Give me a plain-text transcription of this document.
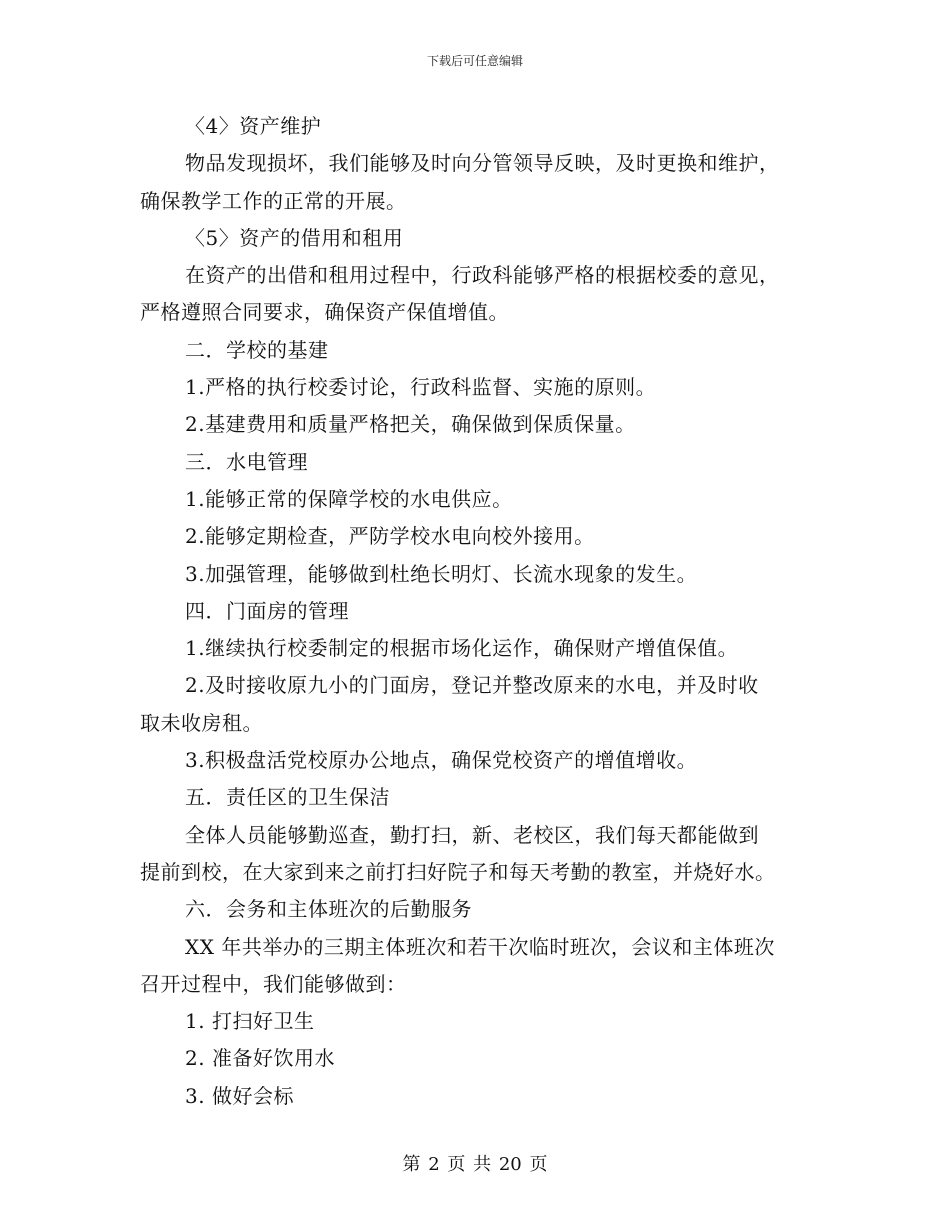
下载后可任意编辑
〈4〉资产维护
物品发现损坏，我们能够及时向分管领导反映，及时更换和维护，
确保教学工作的正常的开展。
〈5〉资产的借用和租用
在资产的出借和租用过程中，行政科能够严格的根据校委的意见，
严格遵照合同要求，确保资产保值增值。
二．学校的基建
1.严格的执行校委讨论，行政科监督、实施的原则。
2.基建费用和质量严格把关，确保做到保质保量。
三．水电管理
1.能够正常的保障学校的水电供应。
2.能够定期检查，严防学校水电向校外接用。
3.加强管理，能够做到杜绝长明灯、长流水现象的发生。
四．门面房的管理
1.继续执行校委制定的根据市场化运作，确保财产增值保值。
2.及时接收原九小的门面房，登记并整改原来的水电，并及时收
取未收房租。
3.积极盘活党校原办公地点，确保党校资产的增值增收。
五．责任区的卫生保洁
全体人员能够勤巡查，勤打扫，新、老校区，我们每天都能做到
提前到校，在大家到来之前打扫好院子和每天考勤的教室，并烧好水。
六．会务和主体班次的后勤服务
XX 年共举办的三期主体班次和若干次临时班次，会议和主体班次
召开过程中，我们能够做到：
1. 打扫好卫生
2. 准备好饮用水
3. 做好会标
第 2 页 共 20 页
